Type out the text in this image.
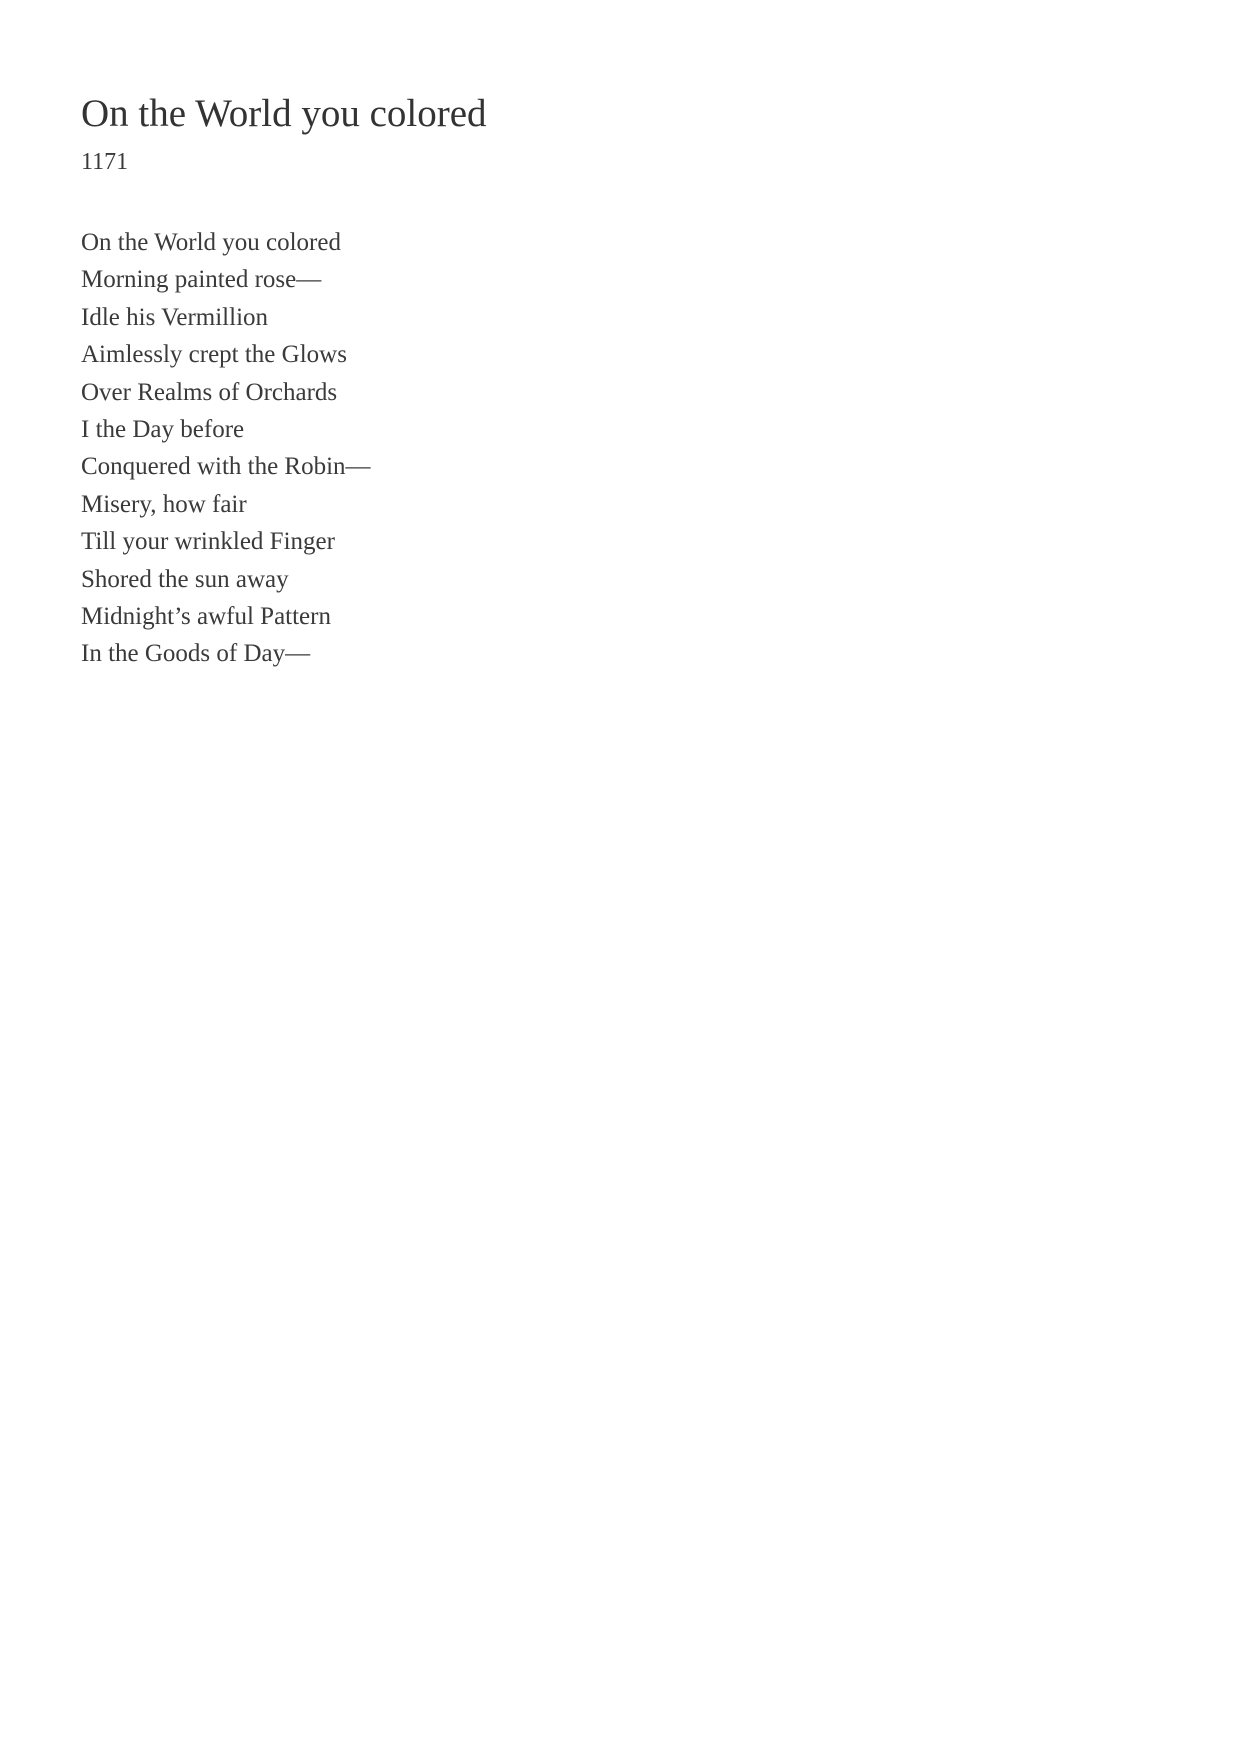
On the World you colored
1171
On the World you colored
Morning painted rose—
Idle his Vermillion
Aimlessly crept the Glows
Over Realms of Orchards
I the Day before
Conquered with the Robin—
Misery, how fair
Till your wrinkled Finger
Shored the sun away
Midnight’s awful Pattern
In the Goods of Day—
